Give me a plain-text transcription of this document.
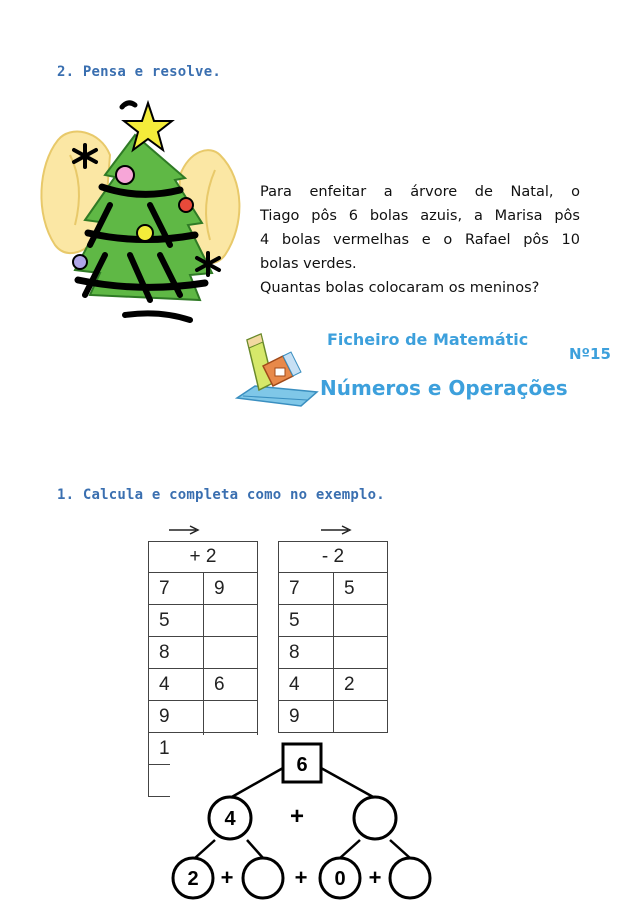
2. Pensa e resolve.

Para enfeitar a árvore de Natal, o

Tiago pôs 6 bolas azuis, a Marisa pôs

4 bolas vermelhas e o Rafael pôs 10

bolas verdes.

Quantas bolas colocaram os meninos?

Ficheiro de Matemátic
Nº15
Números e Operações
1. Calcula e completa como no exemplo.
+ 2	
7	9
5	
8	
4	6
9	
1	

- 2	
7	5
5	
8	
4	2
9	
6
4
2	0
+
+	+	+
